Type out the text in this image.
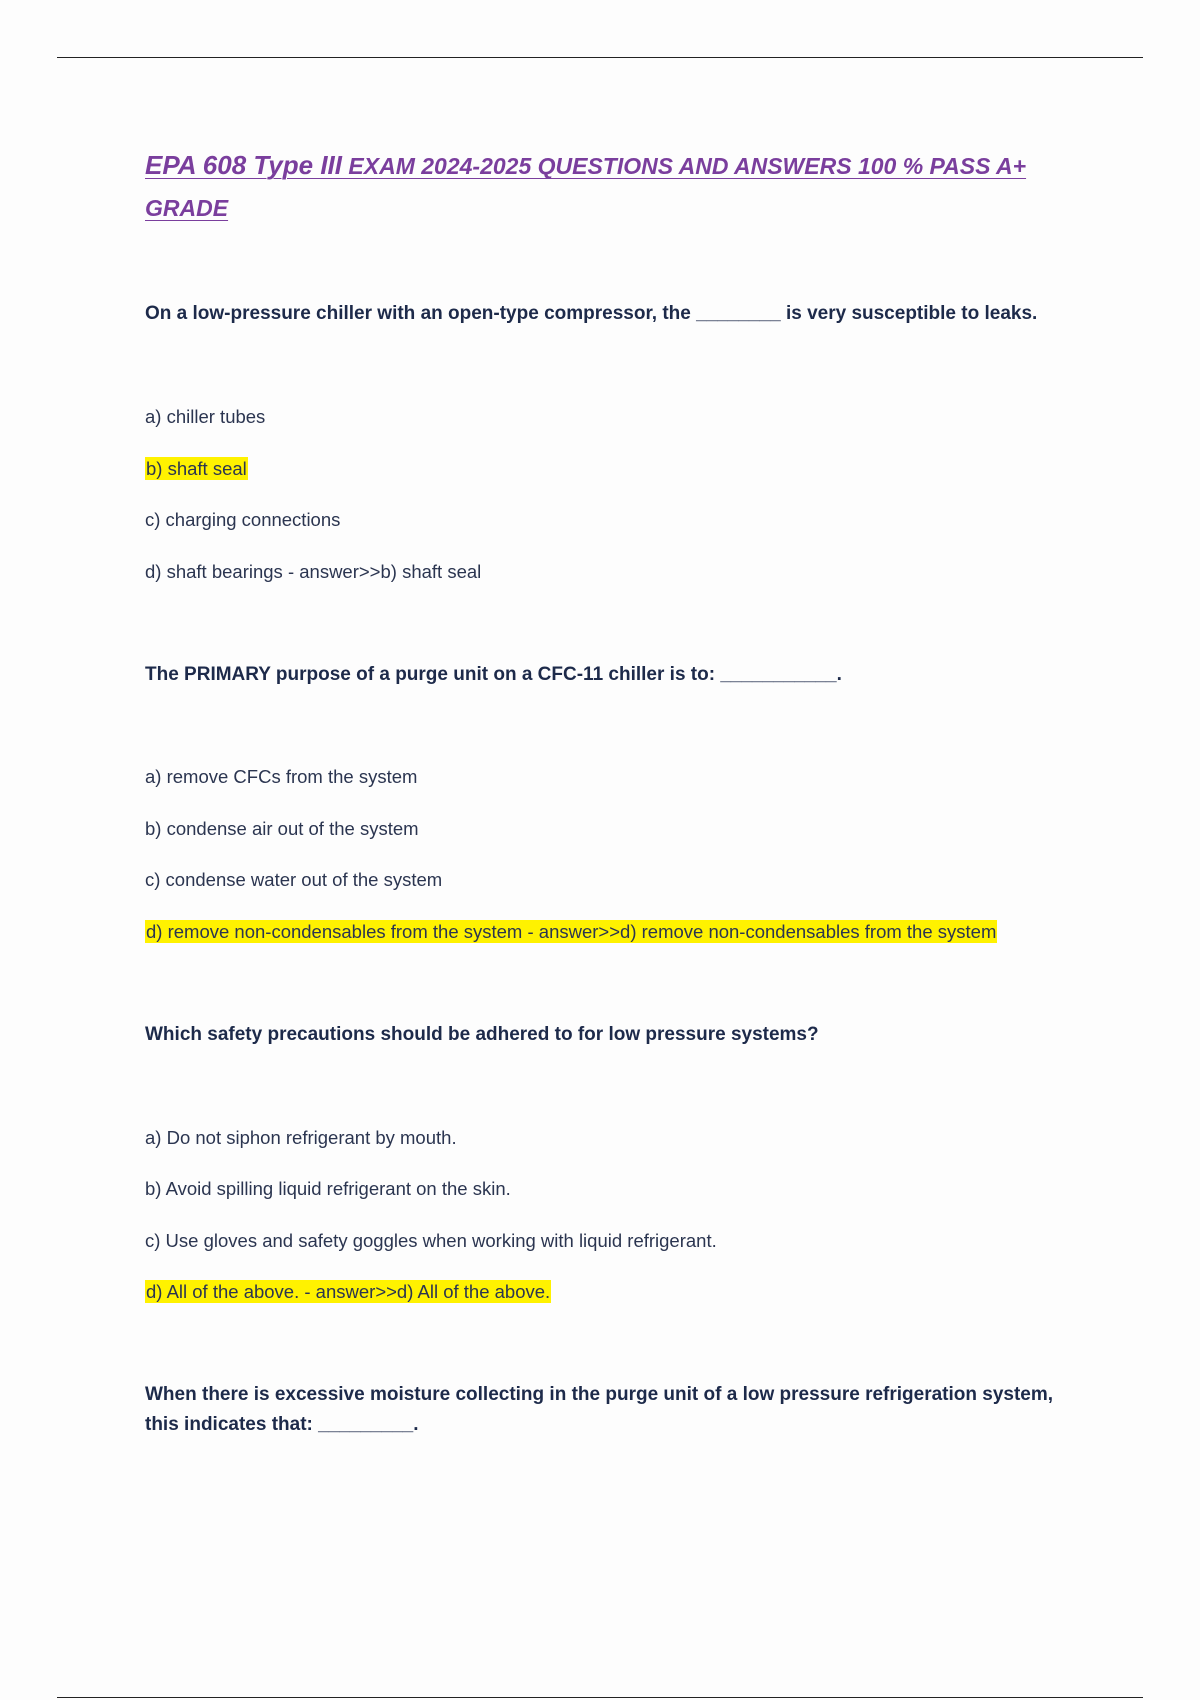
EPA 608 Type III EXAM 2024-2025 QUESTIONS AND ANSWERS 100 % PASS A+ GRADE

On a low-pressure chiller with an open-type compressor, the ________ is very susceptible to leaks.

a) chiller tubes

b) shaft seal

c) charging connections

d) shaft bearings - answer>>b) shaft seal

The PRIMARY purpose of a purge unit on a CFC-11 chiller is to: ___________.

a) remove CFCs from the system

b) condense air out of the system

c) condense water out of the system

d) remove non-condensables from the system - answer>>d) remove non-condensables from the system

Which safety precautions should be adhered to for low pressure systems?

a) Do not siphon refrigerant by mouth.

b) Avoid spilling liquid refrigerant on the skin.

c) Use gloves and safety goggles when working with liquid refrigerant.

d) All of the above. - answer>>d) All of the above.

When there is excessive moisture collecting in the purge unit of a low pressure refrigeration system, this indicates that: _________.
